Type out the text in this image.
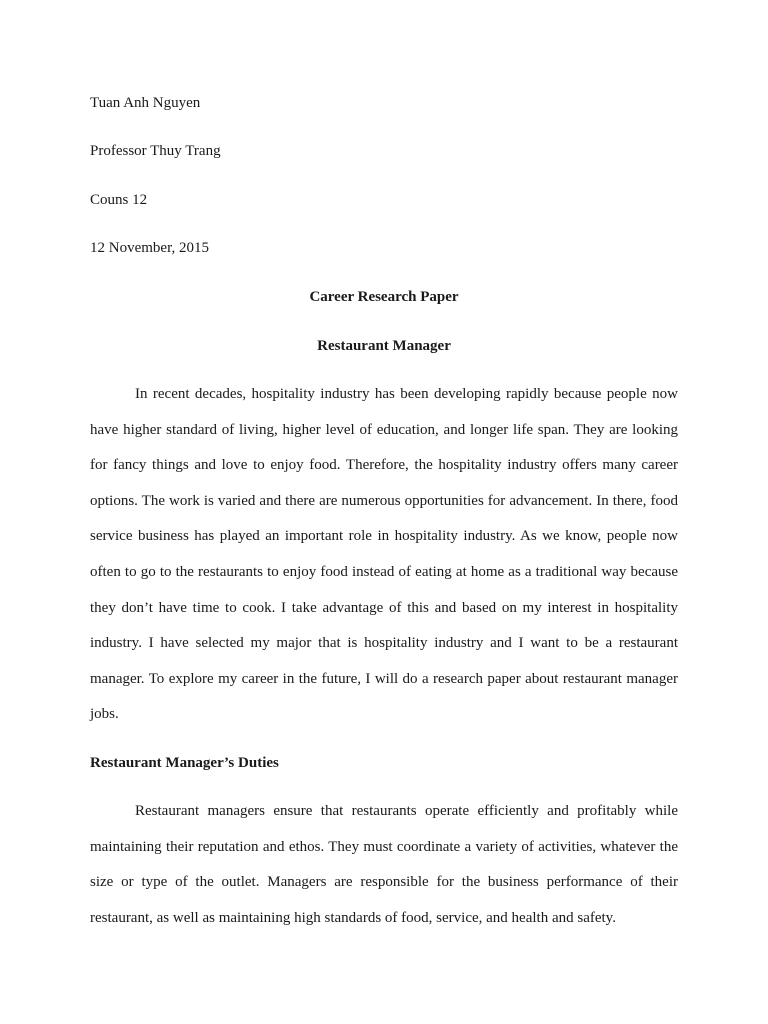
Tuan Anh Nguyen
Professor Thuy Trang
Couns 12
12 November, 2015
Career Research Paper
Restaurant Manager

In recent decades, hospitality industry has been developing rapidly because people now have higher standard of living, higher level of education, and longer life span. They are looking for fancy things and love to enjoy food. Therefore, the hospitality industry offers many career options. The work is varied and there are numerous opportunities for advancement. In there, food service business has played an important role in hospitality industry. As we know, people now often to go to the restaurants to enjoy food instead of eating at home as a traditional way because they don’t have time to cook. I take advantage of this and based on my interest in hospitality industry. I have selected my major that is hospitality industry and I want to be a restaurant manager. To explore my career in the future, I will do a research paper about restaurant manager jobs.

Restaurant Manager’s Duties

Restaurant managers ensure that restaurants operate efficiently and profitably while maintaining their reputation and ethos. They must coordinate a variety of activities, whatever the size or type of the outlet. Managers are responsible for the business performance of their restaurant, as well as maintaining high standards of food, service, and health and safety.
